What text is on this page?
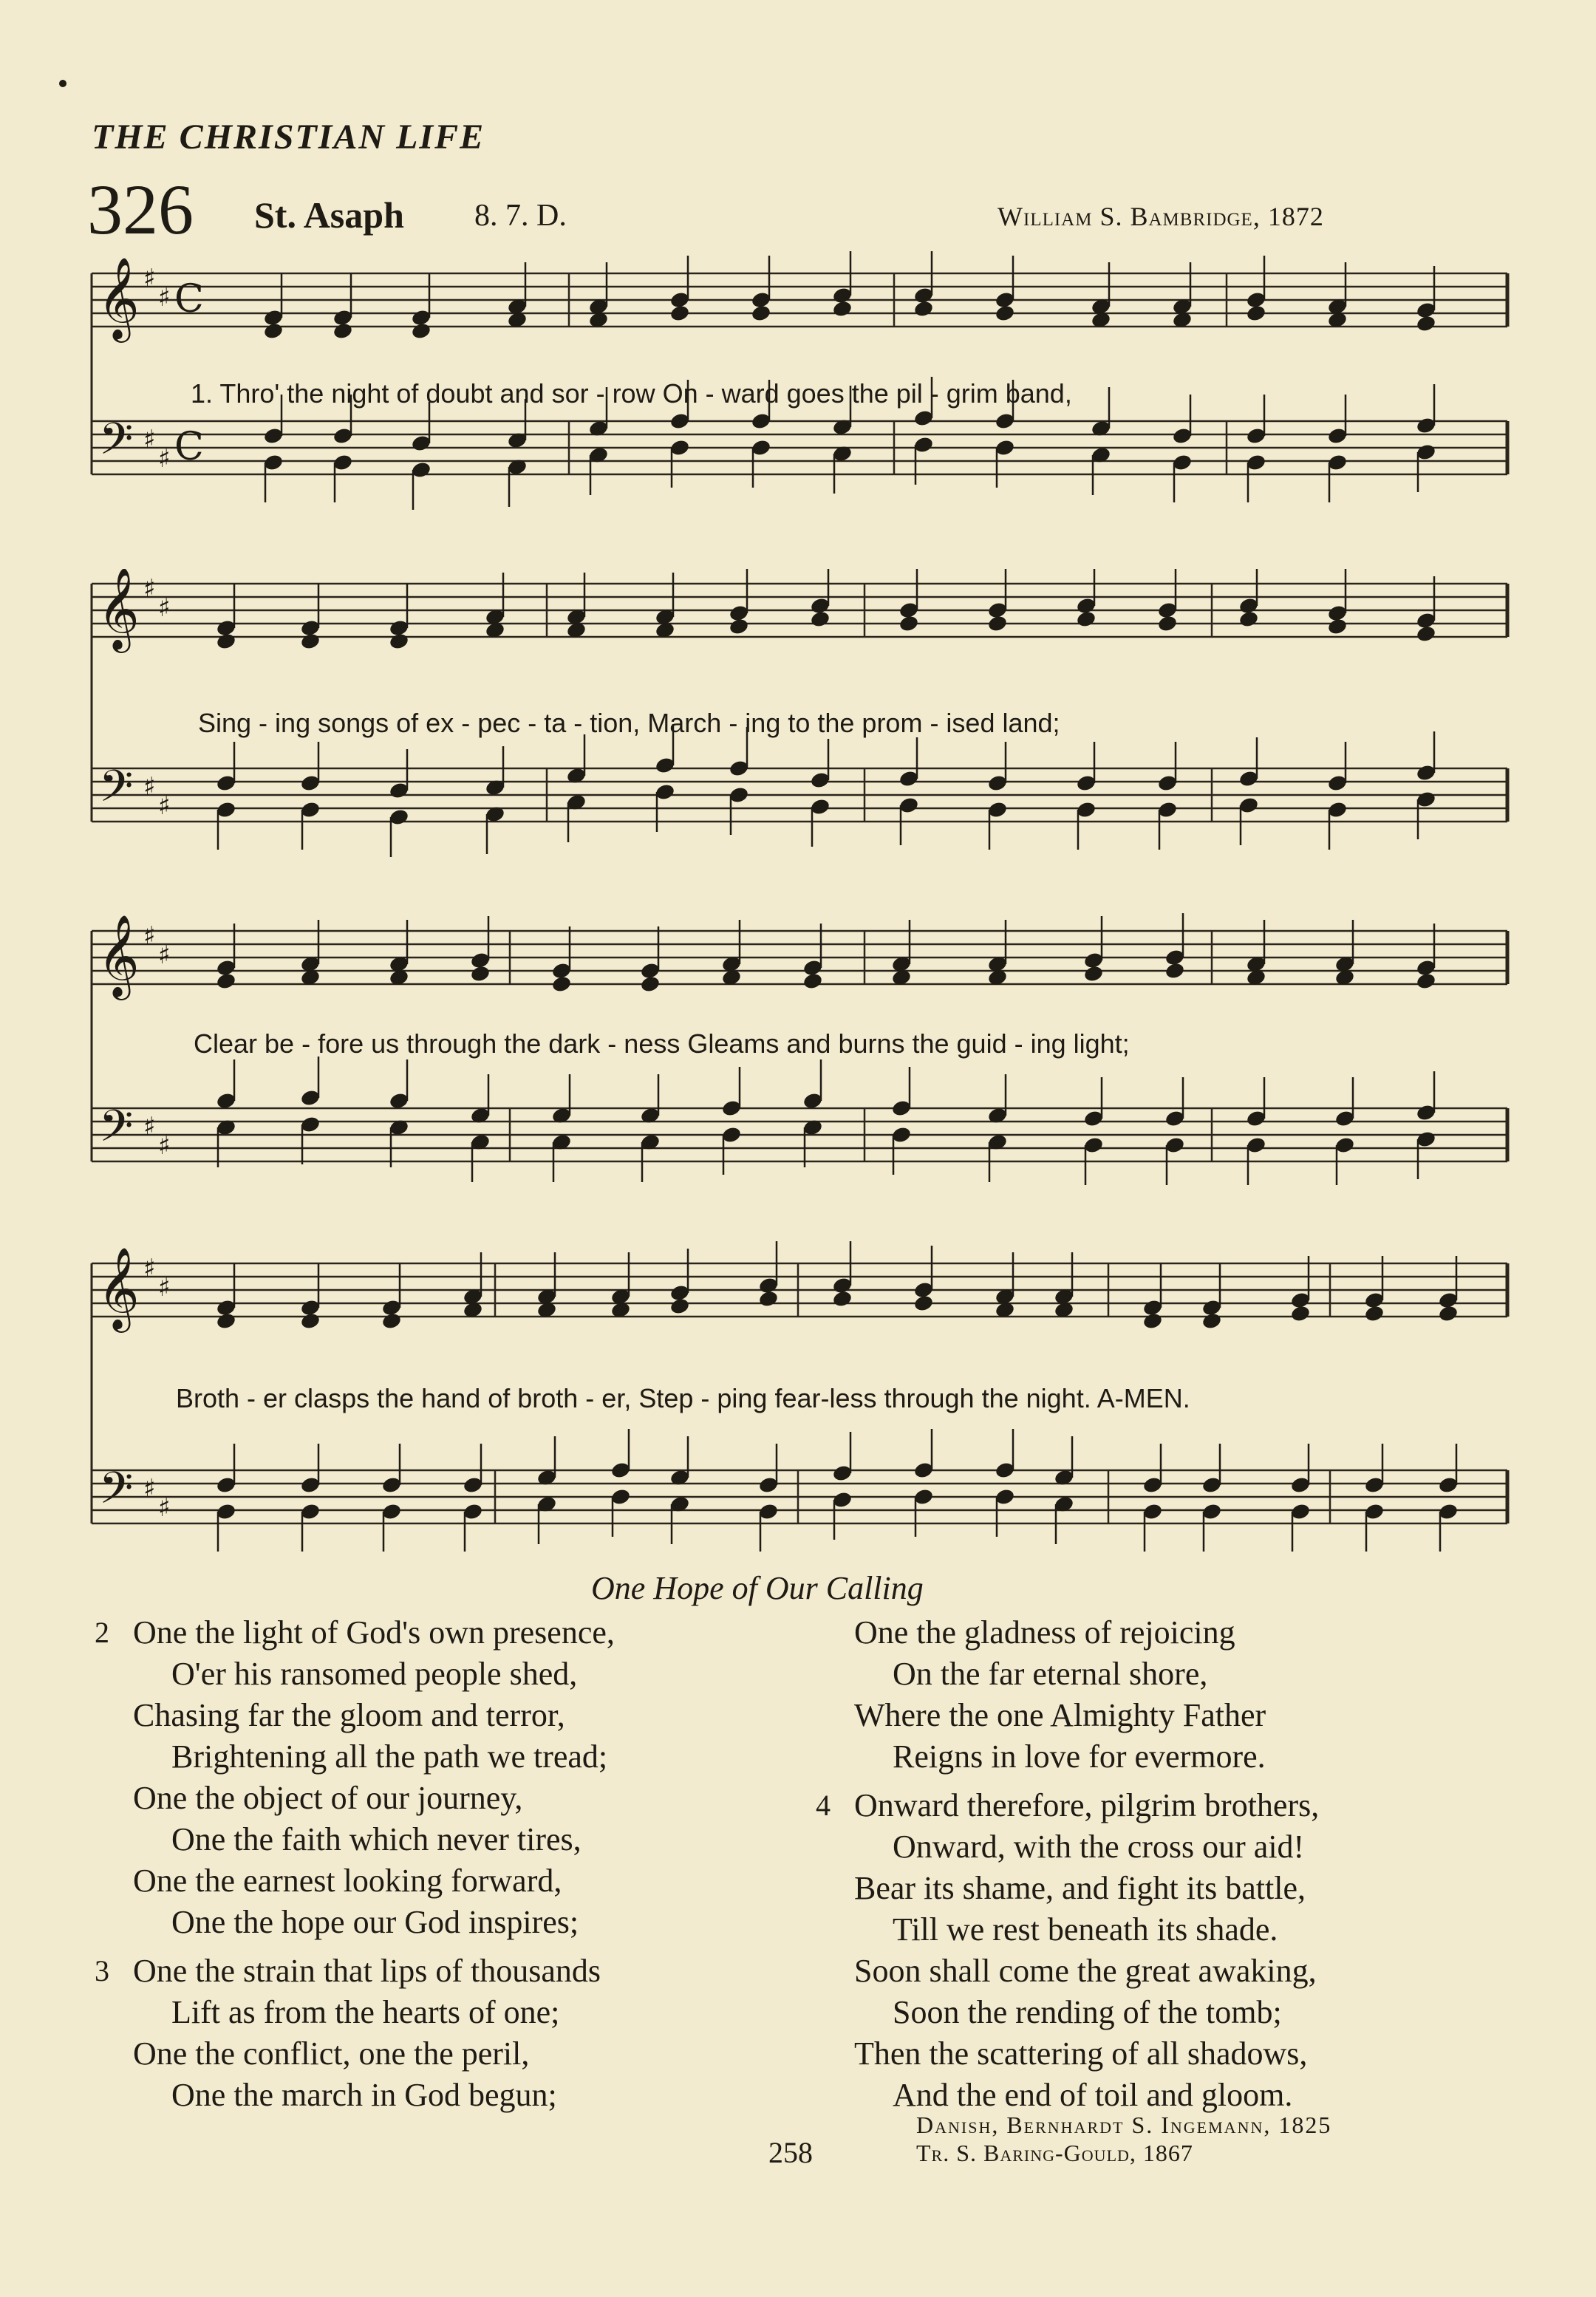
THE CHRISTIAN LIFE
326 St. Asaph 8. 7. D.	William S. Bambridge, 1872
𝄞
𝄢
♯
♯
♯
♯
C
C
1. Thro' the night of doubt and sor - row On - ward goes the pil - grim band,
𝄞
𝄢
♯
♯
♯
♯
Sing - ing songs of ex - pec - ta - tion, March - ing to the prom - ised land;
𝄞
𝄢
♯
♯
♯
♯
Clear be - fore us through the dark - ness Gleams and burns the guid - ing light;
𝄞
𝄢
♯
♯
♯
♯
Broth - er clasps the hand of broth - er, Step - ping fear-less through the night. A-MEN.
One Hope of Our Calling
2 One the light of God's own presence,
O'er his ransomed people shed,
Chasing far the gloom and terror,
Brightening all the path we tread;
One the object of our journey,
One the faith which never tires,
One the earnest looking forward,
One the hope our God inspires;
3 One the strain that lips of thousands
Lift as from the hearts of one;
One the conflict, one the peril,
One the march in God begun;
One the gladness of rejoicing
On the far eternal shore,
Where the one Almighty Father
Reigns in love for evermore.
4 Onward therefore, pilgrim brothers,
Onward, with the cross our aid!
Bear its shame, and fight its battle,
Till we rest beneath its shade.
Soon shall come the great awaking,
Soon the rending of the tomb;
Then the scattering of all shadows,
And the end of toil and gloom.
Danish, Bernhardt S. Ingemann, 1825
Tr. S. Baring-Gould, 1867
258
